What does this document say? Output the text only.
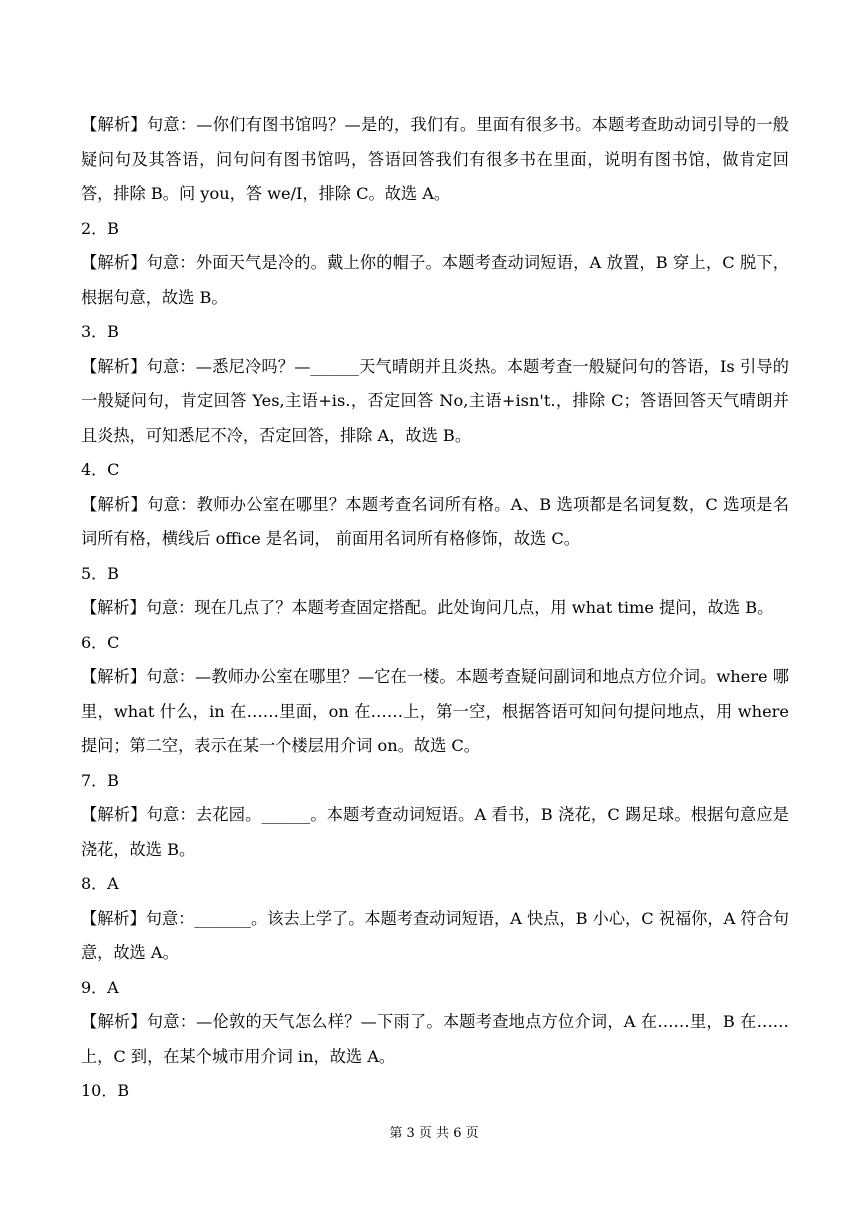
【解析】句意：—你们有图书馆吗？—是的，我们有。里面有很多书。本题考查助动词引导的一般疑问句及其答语，问句问有图书馆吗，答语回答我们有很多书在里面，说明有图书馆，做肯定回答，排除 B。问 you，答 we/I，排除 C。故选 A。

2．B

【解析】句意：外面天气是冷的。戴上你的帽子。本题考查动词短语，A 放置，B 穿上，C 脱下，根据句意，故选 B。

3．B

【解析】句意：—悉尼冷吗？—______天气晴朗并且炎热。本题考查一般疑问句的答语，Is 引导的一般疑问句，肯定回答 Yes,主语+is.，否定回答 No,主语+isn't.，排除 C；答语回答天气晴朗并且炎热，可知悉尼不冷，否定回答，排除 A，故选 B。

4．C

【解析】句意：教师办公室在哪里？本题考查名词所有格。A、B 选项都是名词复数，C 选项是名词所有格，横线后 office 是名词， 前面用名词所有格修饰，故选 C。

5．B

【解析】句意：现在几点了？本题考查固定搭配。此处询问几点，用 what time 提问，故选 B。

6．C

【解析】句意：—教师办公室在哪里？—它在一楼。本题考查疑问副词和地点方位介词。where 哪里，what 什么，in 在……里面，on 在……上，第一空，根据答语可知问句提问地点，用 where 提问；第二空，表示在某一个楼层用介词 on。故选 C。

7．B

【解析】句意：去花园。______。本题考查动词短语。A 看书，B 浇花，C 踢足球。根据句意应是浇花，故选 B。

8．A

【解析】句意：_______。该去上学了。本题考查动词短语，A 快点，B 小心，C 祝福你，A 符合句意，故选 A。

9．A

【解析】句意：—伦敦的天气怎么样？—下雨了。本题考查地点方位介词，A 在……里，B 在……上，C 到，在某个城市用介词 in，故选 A。

10．B

第 3 页 共 6 页
